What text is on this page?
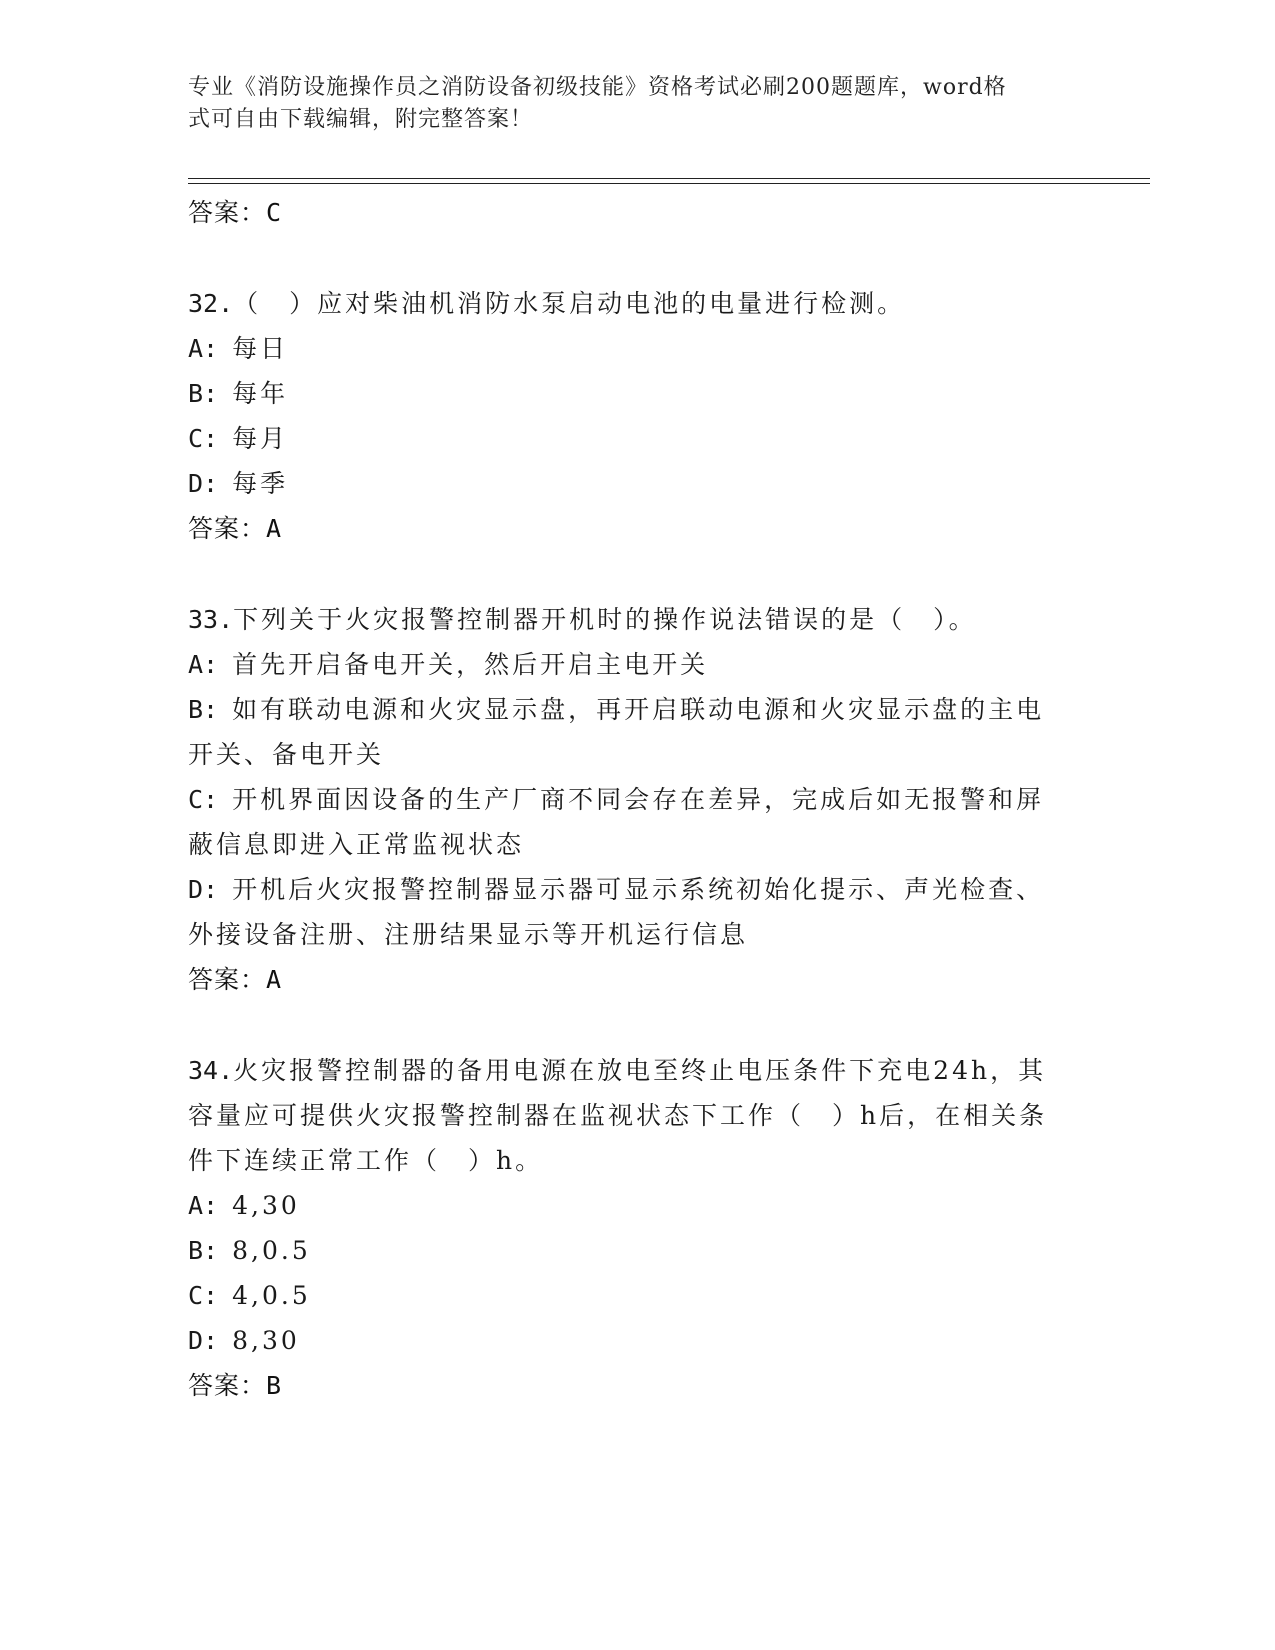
专业《消防设施操作员之消防设备初级技能》资格考试必刷200题题库，word格
式可自由下载编辑，附完整答案！
答案：C
32.（　）应对柴油机消防水泵启动电池的电量进行检测。
A: 每日
B: 每年
C: 每月
D: 每季
答案：A
33.下列关于火灾报警控制器开机时的操作说法错误的是（　）。
A: 首先开启备电开关，然后开启主电开关
B: 如有联动电源和火灾显示盘，再开启联动电源和火灾显示盘的主电
开关、备电开关
C: 开机界面因设备的生产厂商不同会存在差异，完成后如无报警和屏
蔽信息即进入正常监视状态
D: 开机后火灾报警控制器显示器可显示系统初始化提示、声光检查、
外接设备注册、注册结果显示等开机运行信息
答案：A
34.火灾报警控制器的备用电源在放电至终止电压条件下充电24h，其
容量应可提供火灾报警控制器在监视状态下工作（　）h后，在相关条
件下连续正常工作（　）h。
A: 4,30
B: 8,0.5
C: 4,0.5
D: 8,30
答案：B
